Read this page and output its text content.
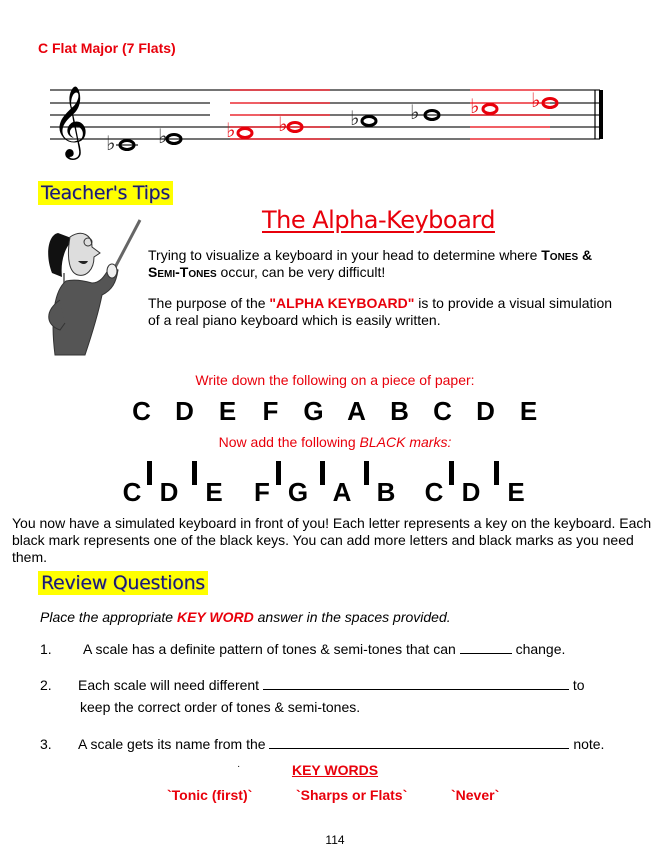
C Flat Major (7 Flats)
𝄞 ♭ ♭	♭ ♭	♭	♭	♭	♭
Teacher's Tips
The Alpha-Keyboard
Trying to visualize a keyboard in your head to determine where Tones & Semi-Tones occur, can be very difficult!
The purpose of the "ALPHA KEYBOARD" is to provide a visual simulation of a real piano keyboard which is easily written.
Write down the following on a piece of paper:
C D E F G A B C D E
Now add the following BLACK marks:
C D E F G A B C D E
You now have a simulated keyboard in front of you! Each letter represents a key on the keyboard. Each black mark represents one of the black keys. You can add more letters and black marks as you need them.
Review Questions
Place the appropriate KEY WORD answer in the spaces provided.
1. A scale has a definite pattern of tones & semi-tones that can	change.
2. Each scale will need different	to
keep the correct order of tones & semi-tones.
3. A scale gets its name from the	note.
·	KEY WORDS
`Tonic (first)`	`Sharps or Flats`	`Never`
114
